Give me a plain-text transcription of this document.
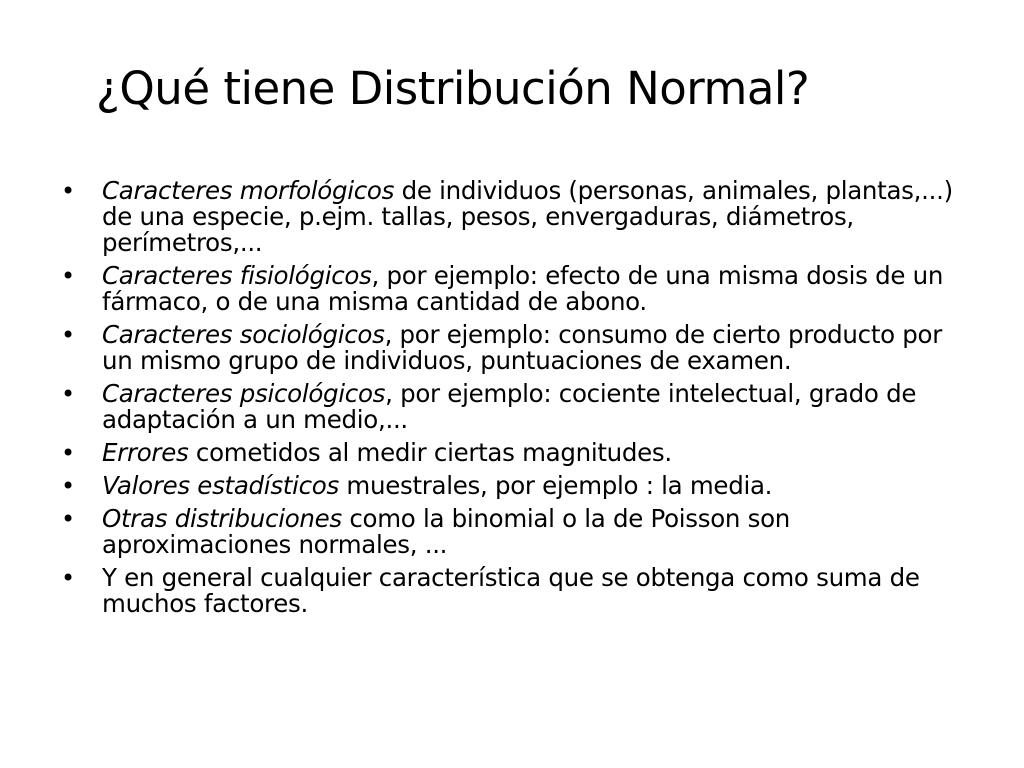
¿Qué tiene Distribución Normal?
• Caracteres morfológicos de individuos (personas, animales, plantas,...) de una especie, p.ejm. tallas, pesos, envergaduras, diámetros, perímetros,...
• Caracteres fisiológicos, por ejemplo: efecto de una misma dosis de un fármaco, o de una misma cantidad de abono.
• Caracteres sociológicos, por ejemplo: consumo de cierto producto por un mismo grupo de individuos, puntuaciones de examen.
• Caracteres psicológicos, por ejemplo: cociente intelectual, grado de adaptación a un medio,...
• Errores cometidos al medir ciertas magnitudes.
• Valores estadísticos muestrales, por ejemplo : la media.
• Otras distribuciones como la binomial o la de Poisson son aproximaciones normales, ...
• Y en general cualquier característica que se obtenga como suma de muchos factores.
